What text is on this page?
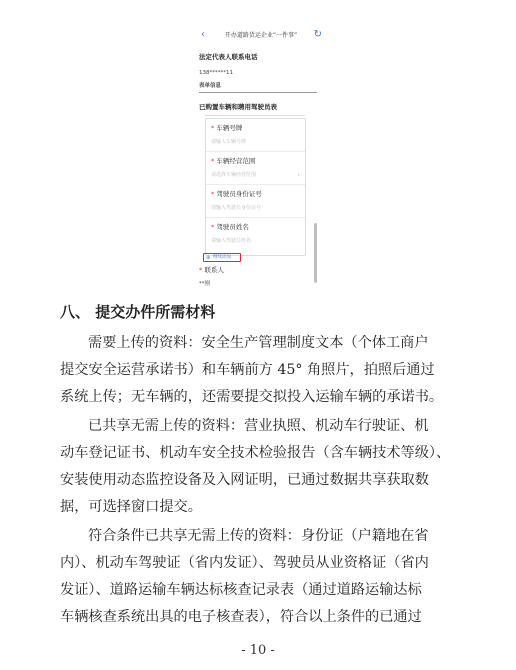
‹	开办道路货运企业“一件事”	↻
法定代表人联系电话
138******11
表单信息
已购置车辆和聘用驾驶员表
* 车辆号牌
请输入车辆号牌
* 车辆经营范围
请选择车辆经营范围	›
* 驾驶员身份证号
请输入驾驶员身份证号
* 驾驶员姓名
请输入驾驶员姓名
⊕ 继续添加
* 联系人
**刚
八、 提交办件所需材料
需要上传的资料：安全生产管理制度文本（个体工商户
提交安全运营承诺书）和车辆前方 45° 角照片，拍照后通过
系统上传；无车辆的，还需要提交拟投入运输车辆的承诺书。
已共享无需上传的资料：营业执照、机动车行驶证、机
动车登记证书、机动车安全技术检验报告（含车辆技术等级）、
安装使用动态监控设备及入网证明，已通过数据共享获取数
据，可选择窗口提交。
符合条件已共享无需上传的资料：身份证（户籍地在省
内）、机动车驾驶证（省内发证）、驾驶员从业资格证（省内
发证）、道路运输车辆达标核查记录表（通过道路运输达标
- 10 -
车辆核查系统出具的电子核查表），符合以上条件的已通过
